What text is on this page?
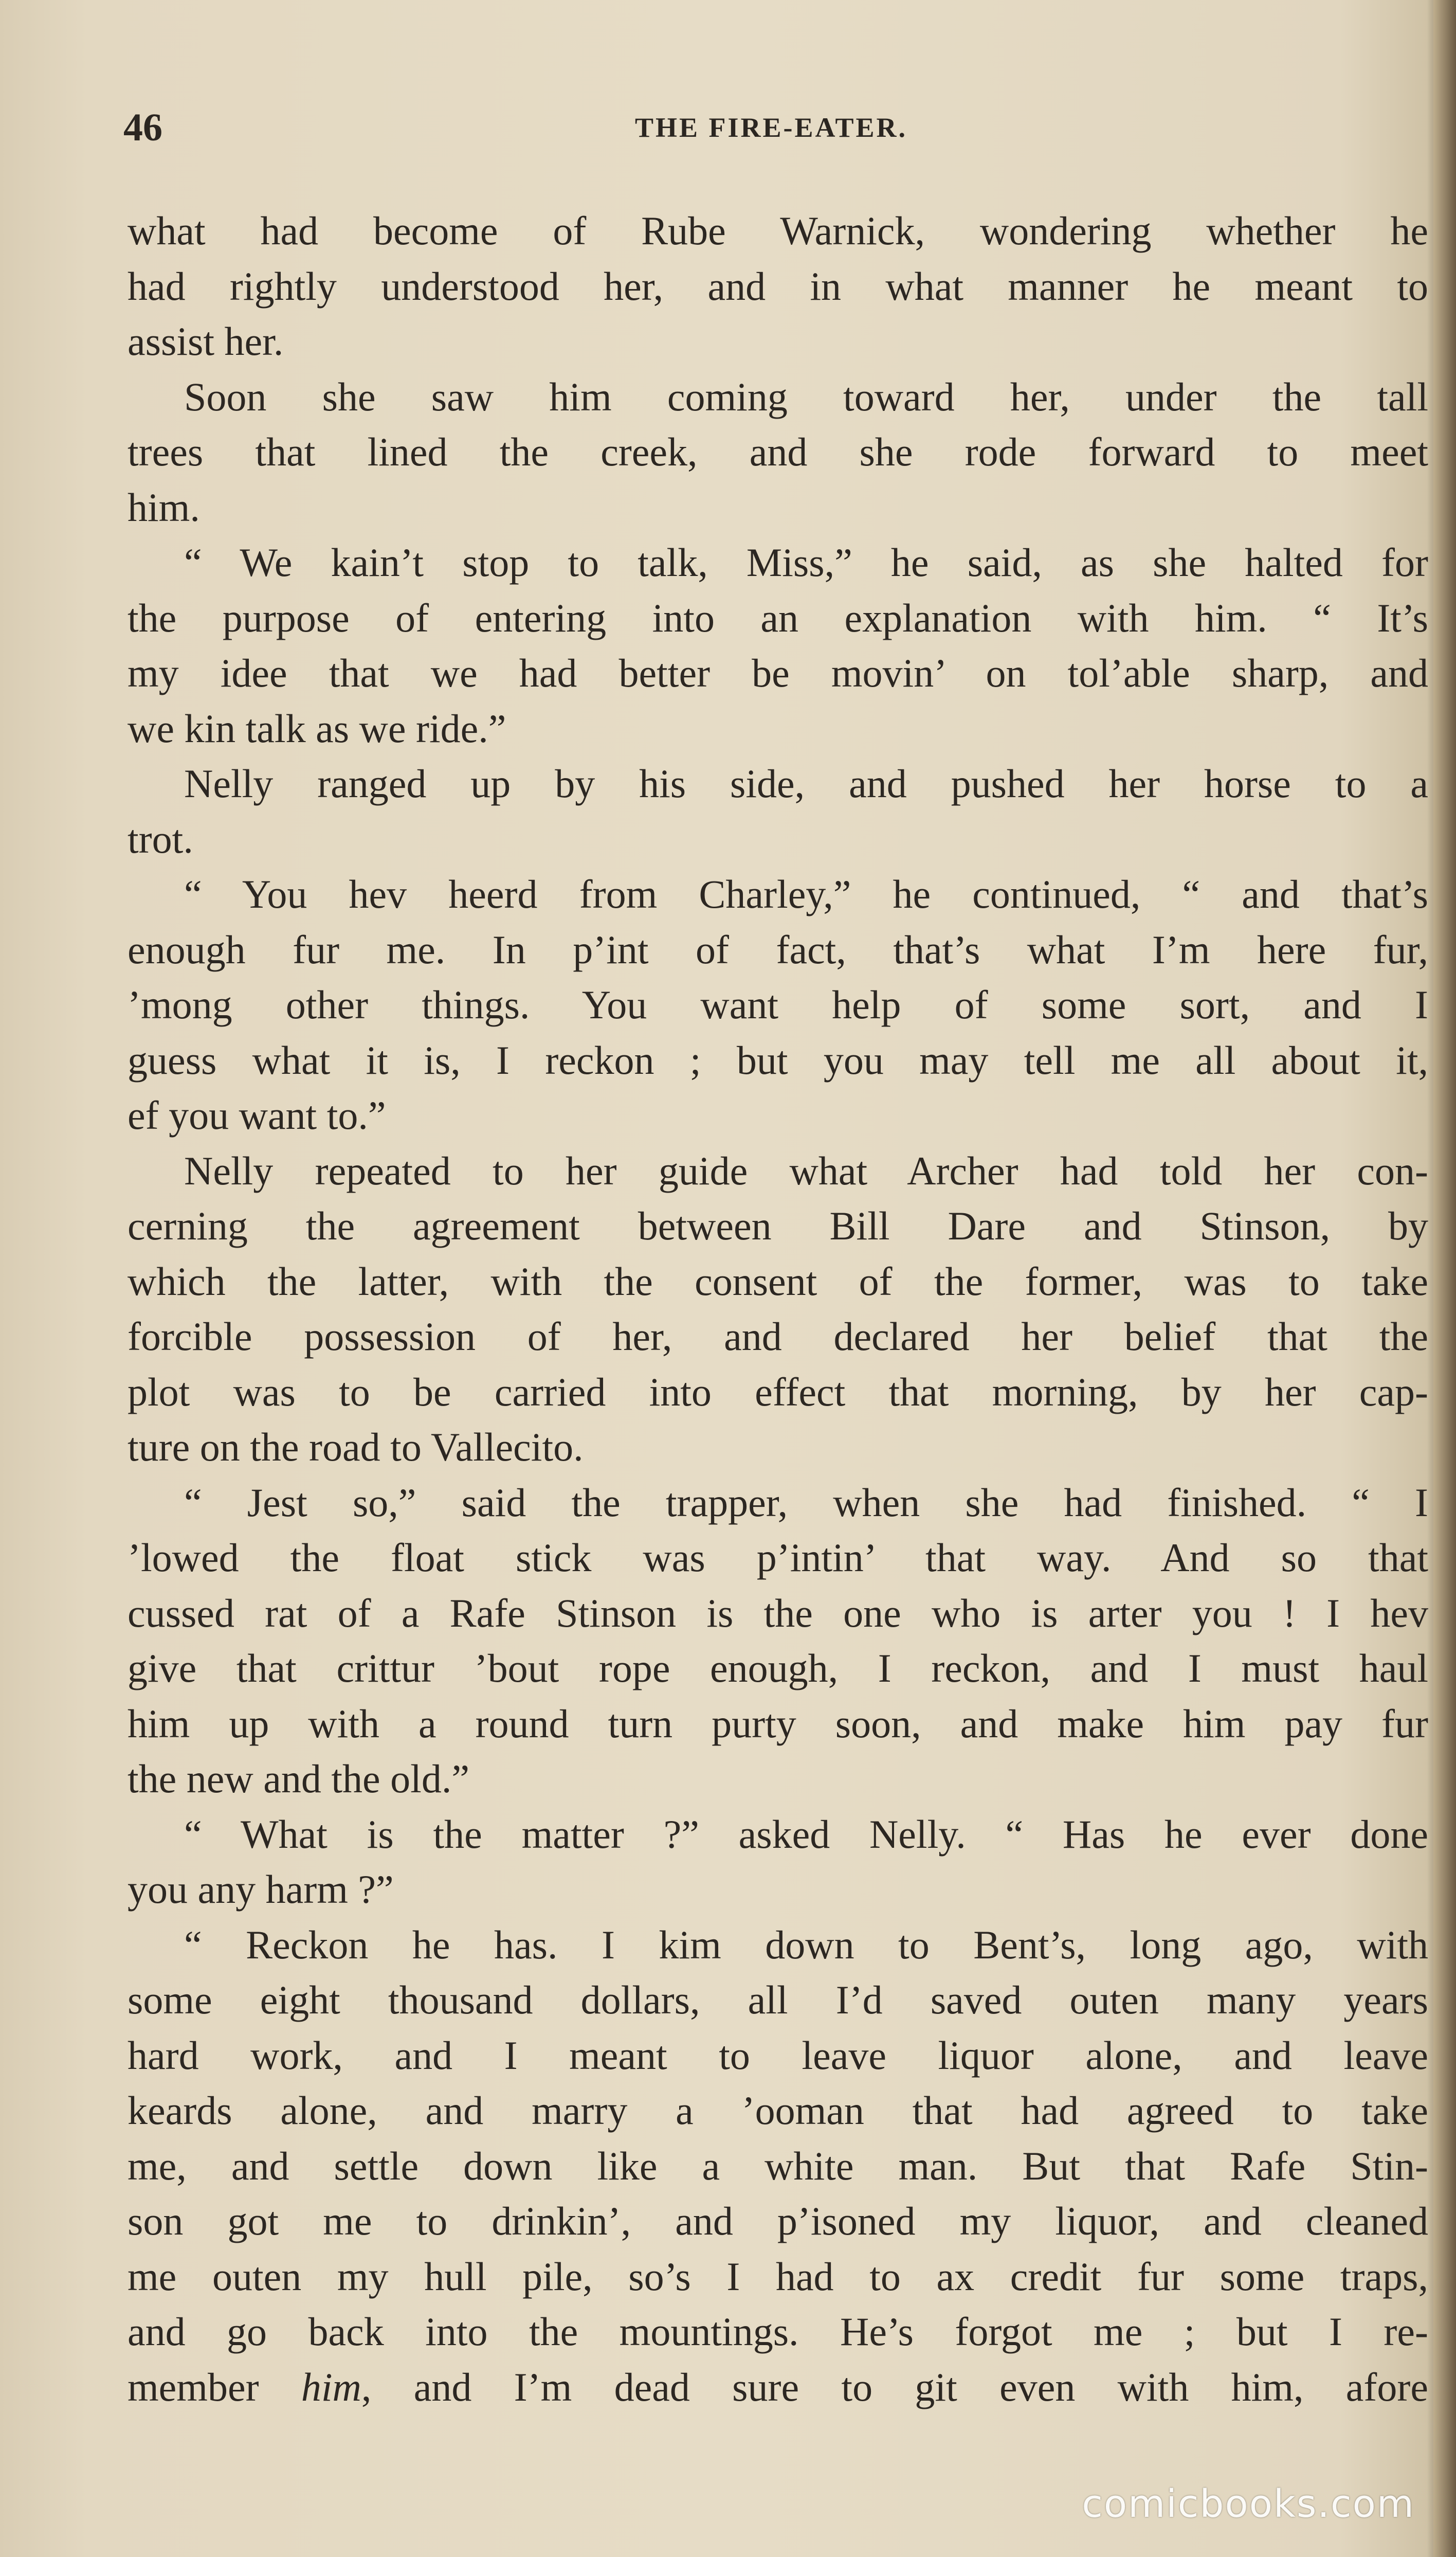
46	THE FIRE-EATER.
what had become of Rube Warnick, wondering whether he
had rightly understood her, and in what manner he meant to
assist her.
Soon she saw him coming toward her, under the tall
trees that lined the creek, and she rode forward to meet
him.
“ We kain’t stop to talk, Miss,” he said, as she halted for
the purpose of entering into an explanation with him. “ It’s
my idee that we had better be movin’ on tol’able sharp, and
we kin talk as we ride.”
Nelly ranged up by his side, and pushed her horse to a
trot.
“ You hev heerd from Charley,” he continued, “ and that’s
enough fur me. In p’int of fact, that’s what I’m here fur,
’mong other things. You want help of some sort, and I
guess what it is, I reckon ; but you may tell me all about it,
ef you want to.”
Nelly repeated to her guide what Archer had told her con-
cerning the agreement between Bill Dare and Stinson, by
which the latter, with the consent of the former, was to take
forcible possession of her, and declared her belief that the
plot was to be carried into effect that morning, by her cap-
ture on the road to Vallecito.
“ Jest so,” said the trapper, when she had finished. “ I
’lowed the float stick was p’intin’ that way. And so that
cussed rat of a Rafe Stinson is the one who is arter you ! I hev
give that crittur ’bout rope enough, I reckon, and I must haul
him up with a round turn purty soon, and make him pay fur
the new and the old.”
“ What is the matter ?” asked Nelly. “ Has he ever done
you any harm ?”
“ Reckon he has. I kim down to Bent’s, long ago, with
some eight thousand dollars, all I’d saved outen many years
hard work, and I meant to leave liquor alone, and leave
keards alone, and marry a ’ooman that had agreed to take
me, and settle down like a white man. But that Rafe Stin-
son got me to drinkin’, and p’isoned my liquor, and cleaned
me outen my hull pile, so’s I had to ax credit fur some traps,
and go back into the mountings. He’s forgot me ; but I re-
member him, and I’m dead sure to git even with him, afore
comicbooks.com
